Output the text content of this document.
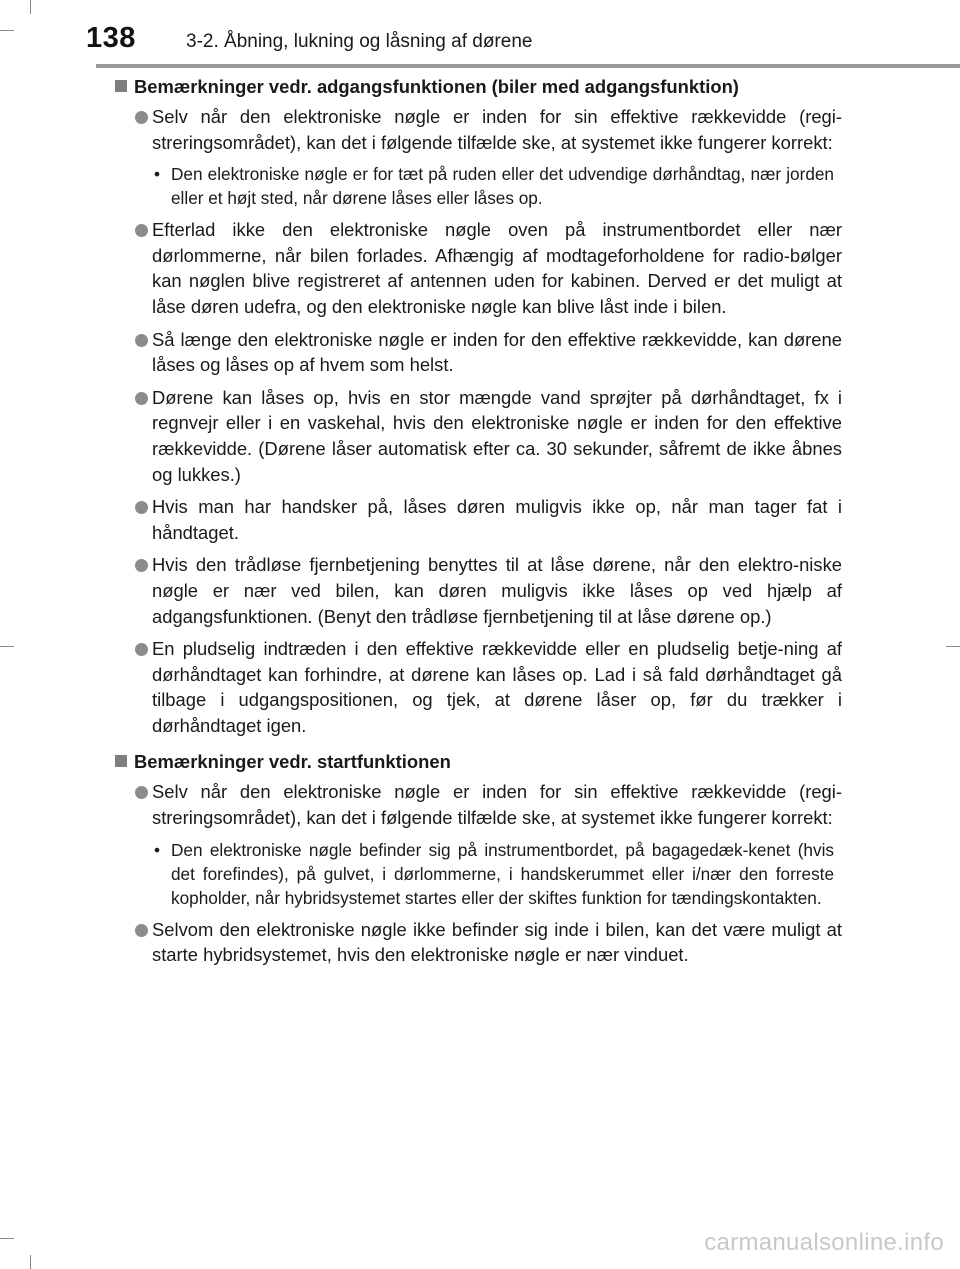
138	3-2. Åbning, lukning og låsning af dørene
Bemærkninger vedr. adgangsfunktionen (biler med adgangsfunktion)
Selv når den elektroniske nøgle er inden for sin effektive rækkevidde (regi-streringsområdet), kan det i følgende tilfælde ske, at systemet ikke fungerer korrekt:
• Den elektroniske nøgle er for tæt på ruden eller det udvendige dørhåndtag, nær jorden eller et højt sted, når dørene låses eller låses op.
Efterlad ikke den elektroniske nøgle oven på instrumentbordet eller nær dørlommerne, når bilen forlades. Afhængig af modtageforholdene for radio-bølger kan nøglen blive registreret af antennen uden for kabinen. Derved er det muligt at låse døren udefra, og den elektroniske nøgle kan blive låst inde i bilen.
Så længe den elektroniske nøgle er inden for den effektive rækkevidde, kan dørene låses og låses op af hvem som helst.
Dørene kan låses op, hvis en stor mængde vand sprøjter på dørhåndtaget, fx i regnvejr eller i en vaskehal, hvis den elektroniske nøgle er inden for den effektive rækkevidde. (Dørene låser automatisk efter ca. 30 sekunder, såfremt de ikke åbnes og lukkes.)
Hvis man har handsker på, låses døren muligvis ikke op, når man tager fat i håndtaget.
Hvis den trådløse fjernbetjening benyttes til at låse dørene, når den elektro-niske nøgle er nær ved bilen, kan døren muligvis ikke låses op ved hjælp af adgangsfunktionen. (Benyt den trådløse fjernbetjening til at låse dørene op.)
En pludselig indtræden i den effektive rækkevidde eller en pludselig betje-ning af dørhåndtaget kan forhindre, at dørene kan låses op. Lad i så fald dørhåndtaget gå tilbage i udgangspositionen, og tjek, at dørene låser op, før du trækker i dørhåndtaget igen.
Bemærkninger vedr. startfunktionen
Selv når den elektroniske nøgle er inden for sin effektive rækkevidde (regi-streringsområdet), kan det i følgende tilfælde ske, at systemet ikke fungerer korrekt:
• Den elektroniske nøgle befinder sig på instrumentbordet, på bagagedæk-kenet (hvis det forefindes), på gulvet, i dørlommerne, i handskerummet eller i/nær den forreste kopholder, når hybridsystemet startes eller der skiftes funktion for tændingskontakten.
Selvom den elektroniske nøgle ikke befinder sig inde i bilen, kan det være muligt at starte hybridsystemet, hvis den elektroniske nøgle er nær vinduet.
carmanualsonline.info
